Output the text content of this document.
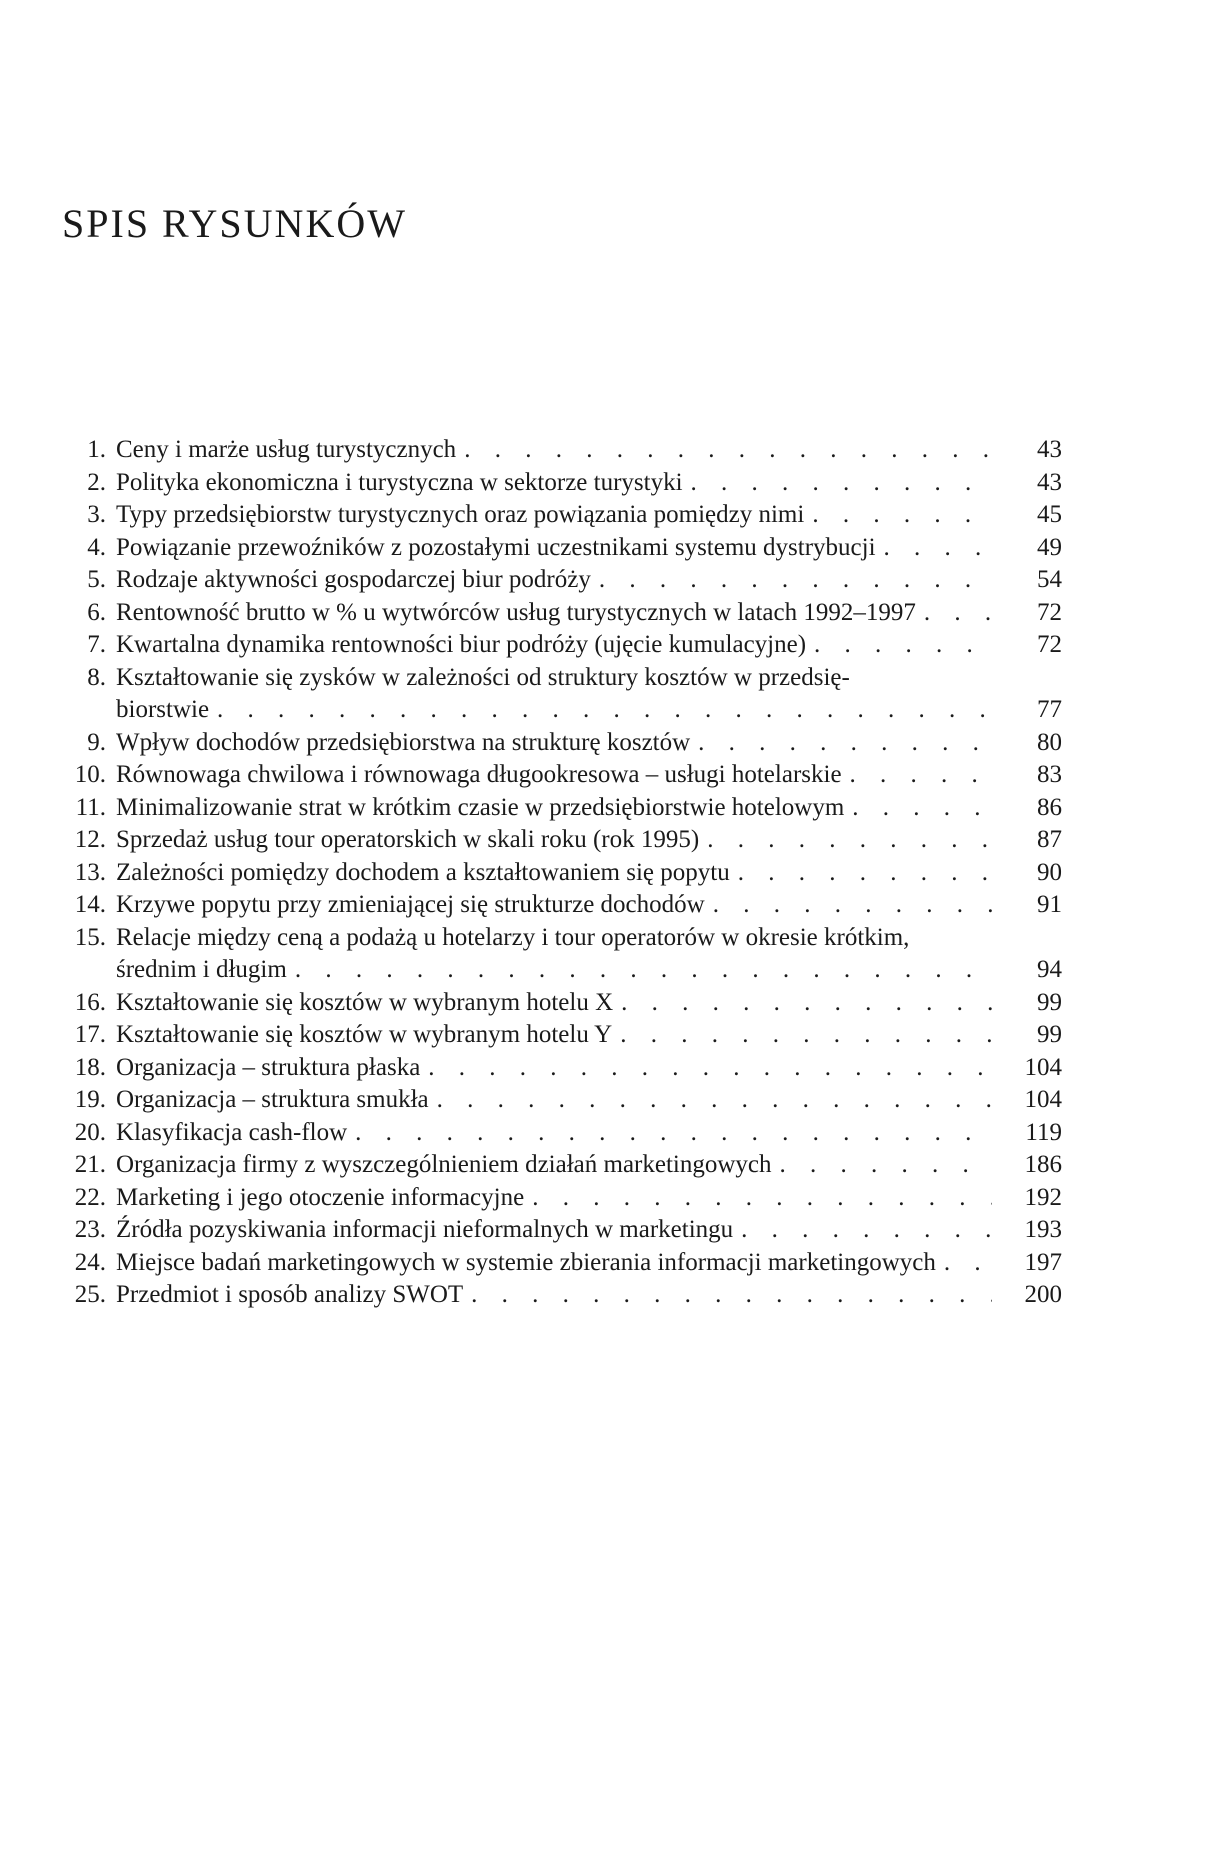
SPIS RYSUNKÓW
1. Ceny i marże usług turystycznych . . .	43
2. Polityka ekonomiczna i turystyczna w sektorze turystyki . . .	43
3. Typy przedsiębiorstw turystycznych oraz powiązania pomiędzy nimi . . .	45
4. Powiązanie przewoźników z pozostałymi uczestnikami systemu dystrybucji . . .	49
5. Rodzaje aktywności gospodarczej biur podróży . . .	54
6. Rentowność brutto w % u wytwórców usług turystycznych w latach 1992–1997 . . .	72
7. Kwartalna dynamika rentowności biur podróży (ujęcie kumulacyjne) . . .	72
8. Kształtowanie się zysków w zależności od struktury kosztów w przedsię-
biorstwie . . .	77
9. Wpływ dochodów przedsiębiorstwa na strukturę kosztów . . .	80
10. Równowaga chwilowa i równowaga długookresowa – usługi hotelarskie . . .	83
11. Minimalizowanie strat w krótkim czasie w przedsiębiorstwie hotelowym . . .	86
12. Sprzedaż usług tour operatorskich w skali roku (rok 1995) . . .	87
13. Zależności pomiędzy dochodem a kształtowaniem się popytu . . .	90
14. Krzywe popytu przy zmieniającej się strukturze dochodów . . .	91
15. Relacje między ceną a podażą u hotelarzy i tour operatorów w okresie krótkim,
średnim i długim . . .	94
16. Kształtowanie się kosztów w wybranym hotelu X . . .	99
17. Kształtowanie się kosztów w wybranym hotelu Y . . .	99
18. Organizacja – struktura płaska . . .	104
19. Organizacja – struktura smukła . . .	104
20. Klasyfikacja cash-flow . . .	119
21. Organizacja firmy z wyszczególnieniem działań marketingowych . . .	186
22. Marketing i jego otoczenie informacyjne . . .	192
23. Źródła pozyskiwania informacji nieformalnych w marketingu . . .	193
24. Miejsce badań marketingowych w systemie zbierania informacji marketingowych . . .	197
25. Przedmiot i sposób analizy SWOT . . .	200
